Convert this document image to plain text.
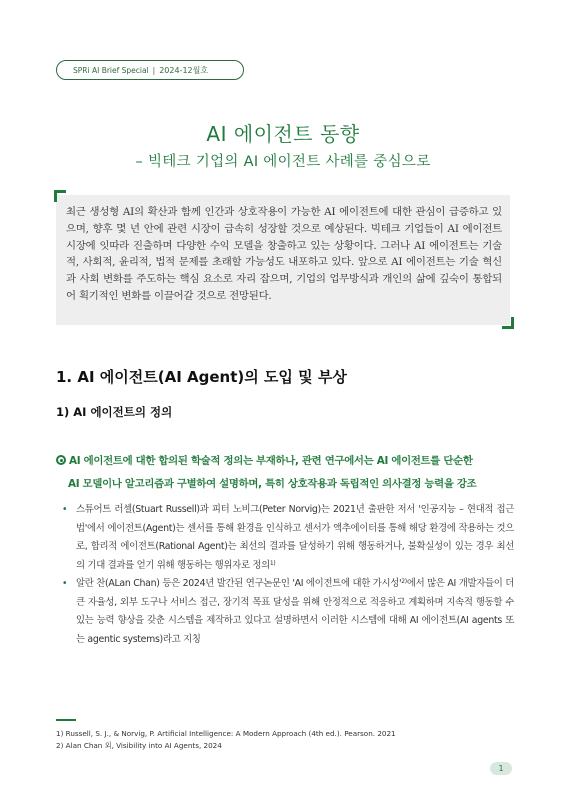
SPRi AI Brief Special | 2024-12월호
AI 에이전트 동향
– 빅테크 기업의 AI 에이전트 사례를 중심으로

최근 생성형 AI의 확산과 함께 인간과 상호작용이 가능한 AI 에이전트에 대한 관심이 급증하고 있으며, 향후 몇 년 안에 관련 시장이 급속히 성장할 것으로 예상된다. 빅테크 기업들이 AI 에이전트 시장에 잇따라 진출하며 다양한 수익 모델을 창출하고 있는 상황이다. 그러나 AI 에이전트는 기술적, 사회적, 윤리적, 법적 문제를 초래할 가능성도 내포하고 있다. 앞으로 AI 에이전트는 기술 혁신과 사회 변화를 주도하는 핵심 요소로 자리 잡으며, 기업의 업무방식과 개인의 삶에 깊숙이 통합되어 획기적인 변화를 이끌어갈 것으로 전망된다.

1. AI 에이전트(AI Agent)의 도입 및 부상
1) AI 에이전트의 정의
AI 에이전트에 대한 합의된 학술적 정의는 부재하나, 관련 연구에서는 AI 에이전트를 단순한
AI 모델이나 알고리즘과 구별하여 설명하며, 특히 상호작용과 독립적인 의사결정 능력을 강조
• 스튜어트 러셀(Stuart Russell)과 피터 노비그(Peter Norvig)는 2021년 출판한 저서 '인공지능 – 현대적 접근법'에서 에이전트(Agent)는 센서를 통해 환경을 인식하고 센서가 액추에이터를 통해 해당 환경에 작용하는 것으로, 합리적 에이전트(Rational Agent)는 최선의 결과를 달성하기 위해 행동하거나, 불확실성이 있는 경우 최선의 기대 결과를 얻기 위해 행동하는 행위자로 정의$^{1)}$
• 알란 찬(ALan Chan) 등은 2024년 발간된 연구논문인 'AI 에이전트에 대한 가시성'$^{2)}$에서 많은 AI 개발자들이 더 큰 자율성, 외부 도구나 서비스 접근, 장기적 목표 달성을 위해 안정적으로 적응하고 계획하며 지속적 행동할 수 있는 능력 향상을 갖춘 시스템을 제작하고 있다고 설명하면서 이러한 시스템에 대해 AI 에이전트(AI agents 또는 agentic systems)라고 지칭
1) Russell, S. J., & Norvig, P. Artificial Intelligence: A Modern Approach (4th ed.). Pearson. 2021
2) Alan Chan 외, Visibility into AI Agents, 2024
1
